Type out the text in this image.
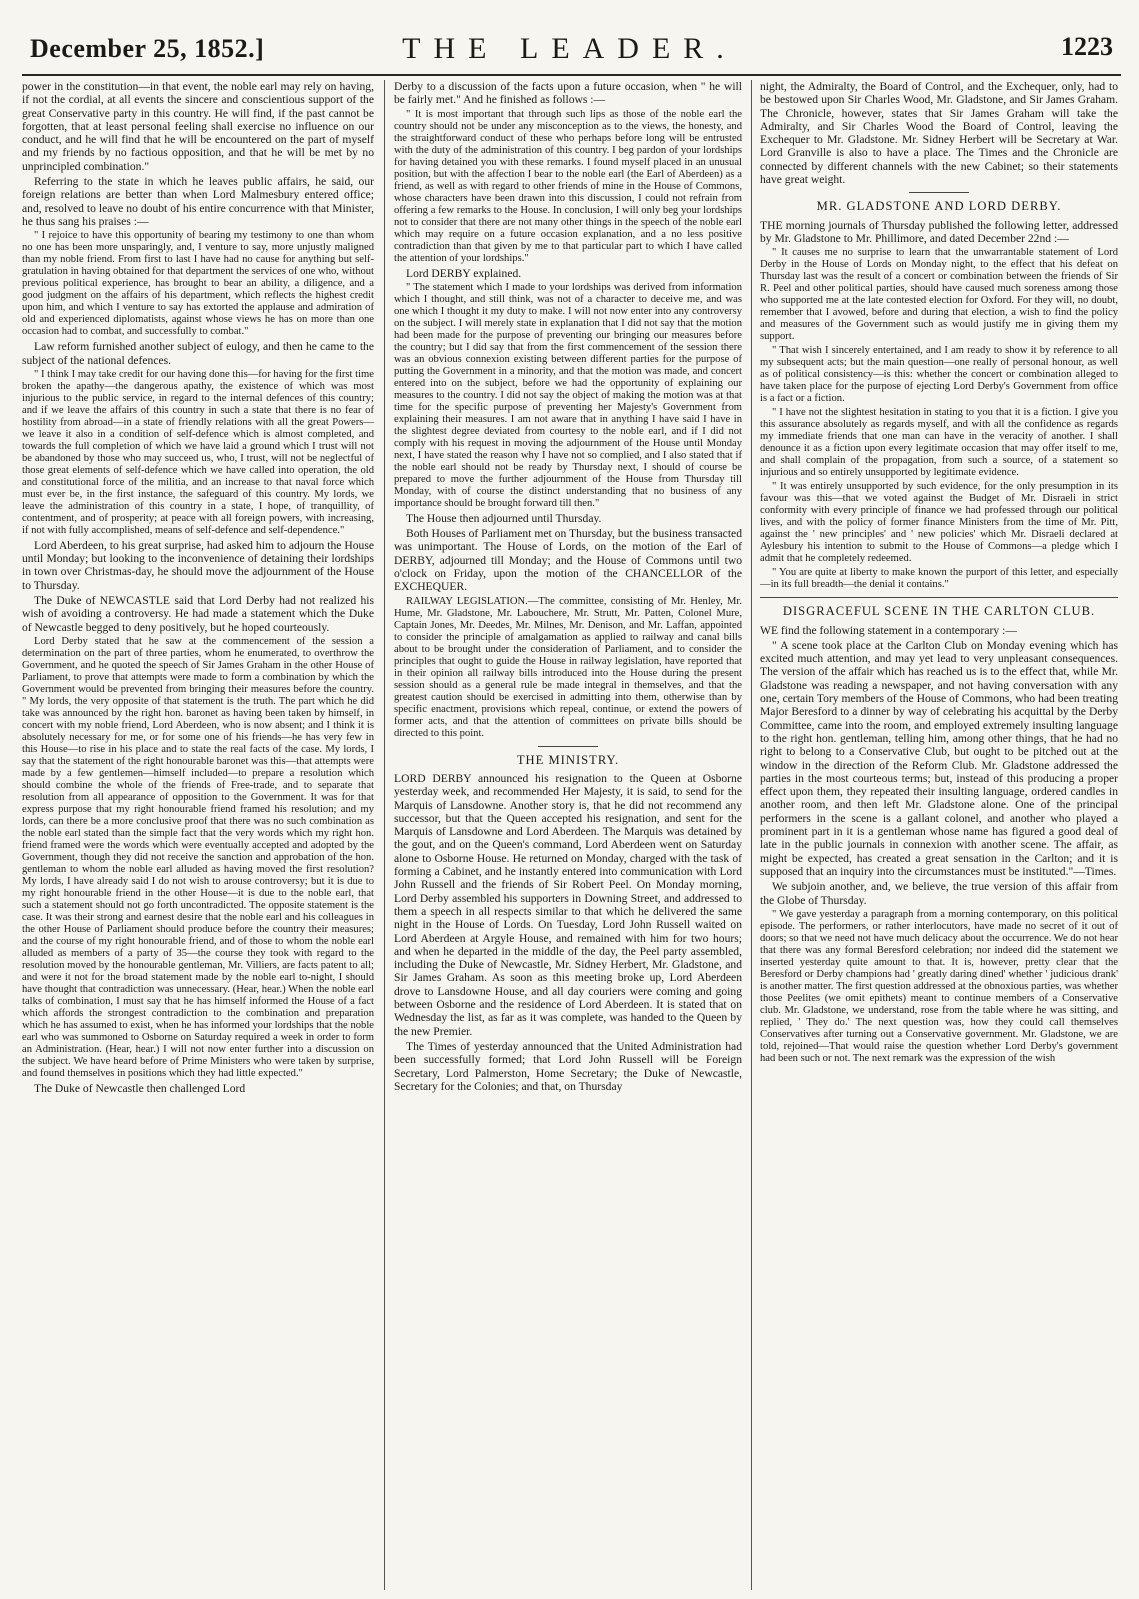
December 25, 1852.]	THE LEADER.	1223

power in the constitution—in that event, the noble earl may rely on having, if not the cordial, at all events the sincere and conscientious support of the great Conservative party in this country. He will find, if the past cannot be forgotten, that at least personal feeling shall exercise no influence on our conduct, and he will find that he will be encountered on the part of myself and my friends by no factious opposition, and that he will be met by no unprincipled combination."

Referring to the state in which he leaves public affairs, he said, our foreign relations are better than when Lord Malmesbury entered office; and, resolved to leave no doubt of his entire concurrence with that Minister, he thus sang his praises :—

" I rejoice to have this opportunity of bearing my testimony to one than whom no one has been more unsparingly, and, I venture to say, more unjustly maligned than my noble friend. From first to last I have had no cause for anything but self-gratulation in having obtained for that department the services of one who, without previous political experience, has brought to bear an ability, a diligence, and a good judgment on the affairs of his department, which reflects the highest credit upon him, and which I venture to say has extorted the applause and admiration of old and experienced diplomatists, against whose views he has on more than one occasion had to combat, and successfully to combat."

Law reform furnished another subject of eulogy, and then he came to the subject of the national defences.

" I think I may take credit for our having done this—for having for the first time broken the apathy—the dangerous apathy, the existence of which was most injurious to the public service, in regard to the internal defences of this country; and if we leave the affairs of this country in such a state that there is no fear of hostility from abroad—in a state of friendly relations with all the great Powers—we leave it also in a condition of self-defence which is almost completed, and towards the full completion of which we have laid a ground which I trust will not be abandoned by those who may succeed us, who, I trust, will not be neglectful of those great elements of self-defence which we have called into operation, the old and constitutional force of the militia, and an increase to that naval force which must ever be, in the first instance, the safeguard of this country. My lords, we leave the administration of this country in a state, I hope, of tranquillity, of contentment, and of prosperity; at peace with all foreign powers, with increasing, if not with fully accomplished, means of self-defence and self-dependence."

Lord Aberdeen, to his great surprise, had asked him to adjourn the House until Monday; but looking to the inconvenience of detaining their lordships in town over Christmas-day, he should move the adjournment of the House to Thursday.

The Duke of NEWCASTLE said that Lord Derby had not realized his wish of avoiding a controversy. He had made a statement which the Duke of Newcastle begged to deny positively, but he hoped courteously.

Lord Derby stated that he saw at the commencement of the session a determination on the part of three parties, whom he enumerated, to overthrow the Government, and he quoted the speech of Sir James Graham in the other House of Parliament, to prove that attempts were made to form a combination by which the Government would be prevented from bringing their measures before the country. " My lords, the very opposite of that statement is the truth. The part which he did take was announced by the right hon. baronet as having been taken by himself, in concert with my noble friend, Lord Aberdeen, who is now absent; and I think it is absolutely necessary for me, or for some one of his friends—he has very few in this House—to rise in his place and to state the real facts of the case. My lords, I say that the statement of the right honourable baronet was this—that attempts were made by a few gentlemen—himself included—to prepare a resolution which should combine the whole of the friends of Free-trade, and to separate that resolution from all appearance of opposition to the Government. It was for that express purpose that my right honourable friend framed his resolution; and my lords, can there be a more conclusive proof that there was no such combination as the noble earl stated than the simple fact that the very words which my right hon. friend framed were the words which were eventually accepted and adopted by the Government, though they did not receive the sanction and approbation of the hon. gentleman to whom the noble earl alluded as having moved the first resolution? My lords, I have already said I do not wish to arouse controversy; but it is due to my right honourable friend in the other House—it is due to the noble earl, that such a statement should not go forth uncontradicted. The opposite statement is the case. It was their strong and earnest desire that the noble earl and his colleagues in the other House of Parliament should produce before the country their measures; and the course of my right honourable friend, and of those to whom the noble earl alluded as members of a party of 35—the course they took with regard to the resolution moved by the honourable gentleman, Mr. Villiers, are facts patent to all; and were it not for the broad statement made by the noble earl to-night, I should have thought that contradiction was unnecessary. (Hear, hear.) When the noble earl talks of combination, I must say that he has himself informed the House of a fact which affords the strongest contradiction to the combination and preparation which he has assumed to exist, when he has informed your lordships that the noble earl who was summoned to Osborne on Saturday required a week in order to form an Administration. (Hear, hear.) I will not now enter further into a discussion on the subject. We have heard before of Prime Ministers who were taken by surprise, and found themselves in positions which they had little expected."

The Duke of Newcastle then challenged Lord

Derby to a discussion of the facts upon a future occasion, when " he will be fairly met." And he finished as follows :—

" It is most important that through such lips as those of the noble earl the country should not be under any misconception as to the views, the honesty, and the straightforward conduct of these who perhaps before long will be entrusted with the duty of the administration of this country. I beg pardon of your lordships for having detained you with these remarks. I found myself placed in an unusual position, but with the affection I bear to the noble earl (the Earl of Aberdeen) as a friend, as well as with regard to other friends of mine in the House of Commons, whose characters have been drawn into this discussion, I could not refrain from offering a few remarks to the House. In conclusion, I will only beg your lordships not to consider that there are not many other things in the speech of the noble earl which may require on a future occasion explanation, and a no less positive contradiction than that given by me to that particular part to which I have called the attention of your lordships."

Lord DERBY explained.

" The statement which I made to your lordships was derived from information which I thought, and still think, was not of a character to deceive me, and was one which I thought it my duty to make. I will not now enter into any controversy on the subject. I will merely state in explanation that I did not say that the motion had been made for the purpose of preventing our bringing our measures before the country; but I did say that from the first commencement of the session there was an obvious connexion existing between different parties for the purpose of putting the Government in a minority, and that the motion was made, and concert entered into on the subject, before we had the opportunity of explaining our measures to the country. I did not say the object of making the motion was at that time for the specific purpose of preventing her Majesty's Government from explaining their measures. I am not aware that in anything I have said I have in the slightest degree deviated from courtesy to the noble earl, and if I did not comply with his request in moving the adjournment of the House until Monday next, I have stated the reason why I have not so complied, and I also stated that if the noble earl should not be ready by Thursday next, I should of course be prepared to move the further adjournment of the House from Thursday till Monday, with of course the distinct understanding that no business of any importance should be brought forward till then."

The House then adjourned until Thursday.

Both Houses of Parliament met on Thursday, but the business transacted was unimportant. The House of Lords, on the motion of the Earl of DERBY, adjourned till Monday; and the House of Commons until two o'clock on Friday, upon the motion of the CHANCELLOR of the EXCHEQUER.

RAILWAY LEGISLATION.—The committee, consisting of Mr. Henley, Mr. Hume, Mr. Gladstone, Mr. Labouchere, Mr. Strutt, Mr. Patten, Colonel Mure, Captain Jones, Mr. Deedes, Mr. Milnes, Mr. Denison, and Mr. Laffan, appointed to consider the principle of amalgamation as applied to railway and canal bills about to be brought under the consideration of Parliament, and to consider the principles that ought to guide the House in railway legislation, have reported that in their opinion all railway bills introduced into the House during the present session should as a general rule be made integral in themselves, and that the greatest caution should be exercised in admitting into them, otherwise than by specific enactment, provisions which repeal, continue, or extend the powers of former acts, and that the attention of committees on private bills should be directed to this point.

THE MINISTRY.

LORD DERBY announced his resignation to the Queen at Osborne yesterday week, and recommended Her Majesty, it is said, to send for the Marquis of Lansdowne. Another story is, that he did not recommend any successor, but that the Queen accepted his resignation, and sent for the Marquis of Lansdowne and Lord Aberdeen. The Marquis was detained by the gout, and on the Queen's command, Lord Aberdeen went on Saturday alone to Osborne House. He returned on Monday, charged with the task of forming a Cabinet, and he instantly entered into communication with Lord John Russell and the friends of Sir Robert Peel. On Monday morning, Lord Derby assembled his supporters in Downing Street, and addressed to them a speech in all respects similar to that which he delivered the same night in the House of Lords. On Tuesday, Lord John Russell waited on Lord Aberdeen at Argyle House, and remained with him for two hours; and when he departed in the middle of the day, the Peel party assembled, including the Duke of Newcastle, Mr. Sidney Herbert, Mr. Gladstone, and Sir James Graham. As soon as this meeting broke up, Lord Aberdeen drove to Lansdowne House, and all day couriers were coming and going between Osborne and the residence of Lord Aberdeen. It is stated that on Wednesday the list, as far as it was complete, was handed to the Queen by the new Premier.

The Times of yesterday announced that the United Administration had been successfully formed; that Lord John Russell will be Foreign Secretary, Lord Palmerston, Home Secretary; the Duke of Newcastle, Secretary for the Colonies; and that, on Thursday

night, the Admiralty, the Board of Control, and the Exchequer, only, had to be bestowed upon Sir Charles Wood, Mr. Gladstone, and Sir James Graham. The Chronicle, however, states that Sir James Graham will take the Admiralty, and Sir Charles Wood the Board of Control, leaving the Exchequer to Mr. Gladstone. Mr. Sidney Herbert will be Secretary at War. Lord Granville is also to have a place. The Times and the Chronicle are connected by different channels with the new Cabinet; so their statements have great weight.

MR. GLADSTONE AND LORD DERBY.

THE morning journals of Thursday published the following letter, addressed by Mr. Gladstone to Mr. Phillimore, and dated December 22nd :—

" It causes me no surprise to learn that the unwarrantable statement of Lord Derby in the House of Lords on Monday night, to the effect that his defeat on Thursday last was the result of a concert or combination between the friends of Sir R. Peel and other political parties, should have caused much soreness among those who supported me at the late contested election for Oxford. For they will, no doubt, remember that I avowed, before and during that election, a wish to find the policy and measures of the Government such as would justify me in giving them my support.

" That wish I sincerely entertained, and I am ready to show it by reference to all my subsequent acts; but the main question—one really of personal honour, as well as of political consistency—is this: whether the concert or combination alleged to have taken place for the purpose of ejecting Lord Derby's Government from office is a fact or a fiction.

" I have not the slightest hesitation in stating to you that it is a fiction. I give you this assurance absolutely as regards myself, and with all the confidence as regards my immediate friends that one man can have in the veracity of another. I shall denounce it as a fiction upon every legitimate occasion that may offer itself to me, and shall complain of the propagation, from such a source, of a statement so injurious and so entirely unsupported by legitimate evidence.

" It was entirely unsupported by such evidence, for the only presumption in its favour was this—that we voted against the Budget of Mr. Disraeli in strict conformity with every principle of finance we had professed through our political lives, and with the policy of former finance Ministers from the time of Mr. Pitt, against the ' new principles' and ' new policies' which Mr. Disraeli declared at Aylesbury his intention to submit to the House of Commons—a pledge which I admit that he completely redeemed.

" You are quite at liberty to make known the purport of this letter, and especially—in its full breadth—the denial it contains."

DISGRACEFUL SCENE IN THE CARLTON CLUB.

WE find the following statement in a contemporary :—

" A scene took place at the Carlton Club on Monday evening which has excited much attention, and may yet lead to very unpleasant consequences. The version of the affair which has reached us is to the effect that, while Mr. Gladstone was reading a newspaper, and not having conversation with any one, certain Tory members of the House of Commons, who had been treating Major Beresford to a dinner by way of celebrating his acquittal by the Derby Committee, came into the room, and employed extremely insulting language to the right hon. gentleman, telling him, among other things, that he had no right to belong to a Conservative Club, but ought to be pitched out at the window in the direction of the Reform Club. Mr. Gladstone addressed the parties in the most courteous terms; but, instead of this producing a proper effect upon them, they repeated their insulting language, ordered candles in another room, and then left Mr. Gladstone alone. One of the principal performers in the scene is a gallant colonel, and another who played a prominent part in it is a gentleman whose name has figured a good deal of late in the public journals in connexion with another scene. The affair, as might be expected, has created a great sensation in the Carlton; and it is supposed that an inquiry into the circumstances must be instituted."—Times.

We subjoin another, and, we believe, the true version of this affair from the Globe of Thursday.

" We gave yesterday a paragraph from a morning contemporary, on this political episode. The performers, or rather interlocutors, have made no secret of it out of doors; so that we need not have much delicacy about the occurrence. We do not hear that there was any formal Beresford celebration; nor indeed did the statement we inserted yesterday quite amount to that. It is, however, pretty clear that the Beresford or Derby champions had ' greatly daring dined' whether ' judicious drank' is another matter. The first question addressed at the obnoxious parties, was whether those Peelites (we omit epithets) meant to continue members of a Conservative club. Mr. Gladstone, we understand, rose from the table where he was sitting, and replied, ' They do.' The next question was, how they could call themselves Conservatives after turning out a Conservative government. Mr. Gladstone, we are told, rejoined—That would raise the question whether Lord Derby's government had been such or not. The next remark was the expression of the wish
